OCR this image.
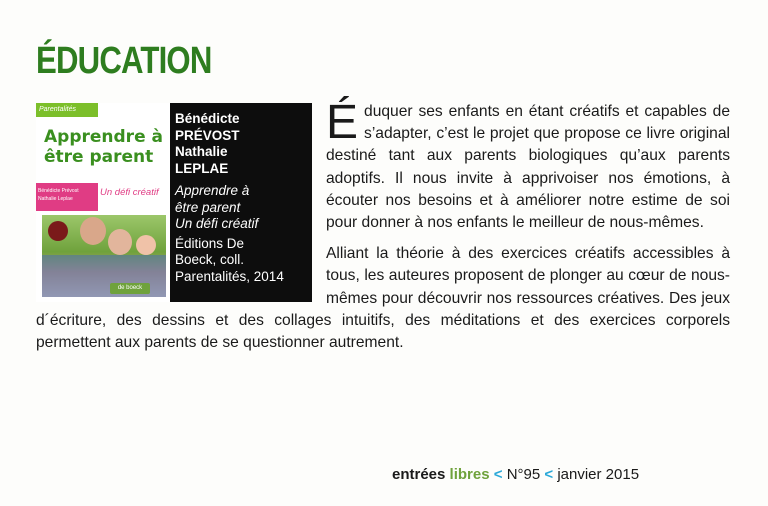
ÉDUCATION
Parentalités
Apprendre à
être parent
Bénédicte Prévost Nathalie Leplae
Un défi créatif
de boeck

Bénédicte
PRÉVOST

Nathalie
LEPLAE

Apprendre à
être parent
Un défi créatif

Éditions De
Boeck, coll.
Parentalités, 2014

Éduquer ses enfants en étant créatifs et capables de s’adapter, c’est le projet que propose ce livre original destiné tant aux parents biologiques qu’aux parents adoptifs. Il nous invite à apprivoiser nos émotions, à écouter nos besoins et à améliorer notre estime de soi pour donner à nos enfants le meilleur de nous-mêmes.

Alliant la théorie à des exercices créatifs accessibles à tous, les auteures proposent de plonger au cœur de nous-mêmes pour découvrir nos ressources créatives. Des jeux d´écriture, des dessins et des collages intuitifs, des méditations et des exercices corporels permettent aux parents de se questionner autrement.

entrées libres < N°95 < janvier 2015
